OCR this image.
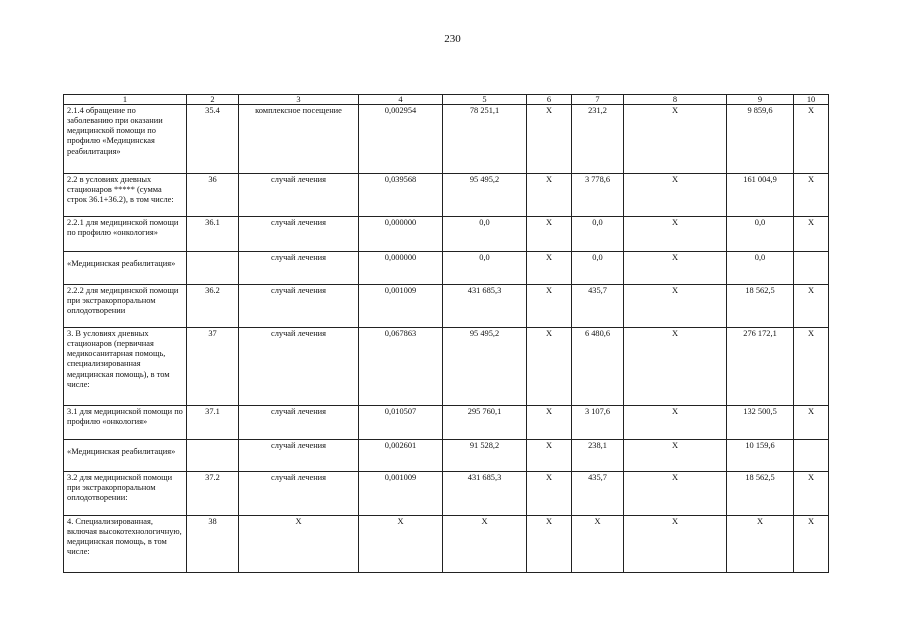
230
1	2	3	4	5	6	7	8	9	10
2.1.4 обращение по заболеванию при оказании медицинской помощи по профилю «Медицинская реабилитация»	35.4	комплексное посещение	0,002954	78 251,1	Х	231,2	Х	9 859,6	Х
2.2 в условиях дневных стационаров ***** (сумма строк 36.1+36.2), в том числе:	36	случай лечения	0,039568	95 495,2	Х	3 778,6	Х	161 004,9	Х
2.2.1 для медицинской помощи по профилю «онкология»	36.1	случай лечения	0,000000	0,0	Х	0,0	Х	0,0	Х
«Медицинская реабилитация»		случай лечения	0,000000	0,0	Х	0,0	Х	0,0	
2.2.2 для медицинской помощи при экстракорпоральном оплодотворении	36.2	случай лечения	0,001009	431 685,3	Х	435,7	Х	18 562,5	Х
3. В условиях дневных стационаров (первичная медикосанитарная помощь, специализированная медицинская помощь), в том числе:	37	случай лечения	0,067863	95 495,2	Х	6 480,6	Х	276 172,1	Х
3.1 для медицинской помощи по профилю «онкология»	37.1	случай лечения	0,010507	295 760,1	Х	3 107,6	Х	132 500,5	Х
«Медицинская реабилитация»		случай лечения	0,002601	91 528,2	Х	238,1	Х	10 159,6	
3.2 для медицинской помощи при экстракорпоральном оплодотворении:	37.2	случай лечения	0,001009	431 685,3	Х	435,7	Х	18 562,5	Х
4. Специализированная, включая высокотехнологичную, медицинская помощь, в том числе:	38	Х	Х	Х	Х	Х	Х	Х	Х
